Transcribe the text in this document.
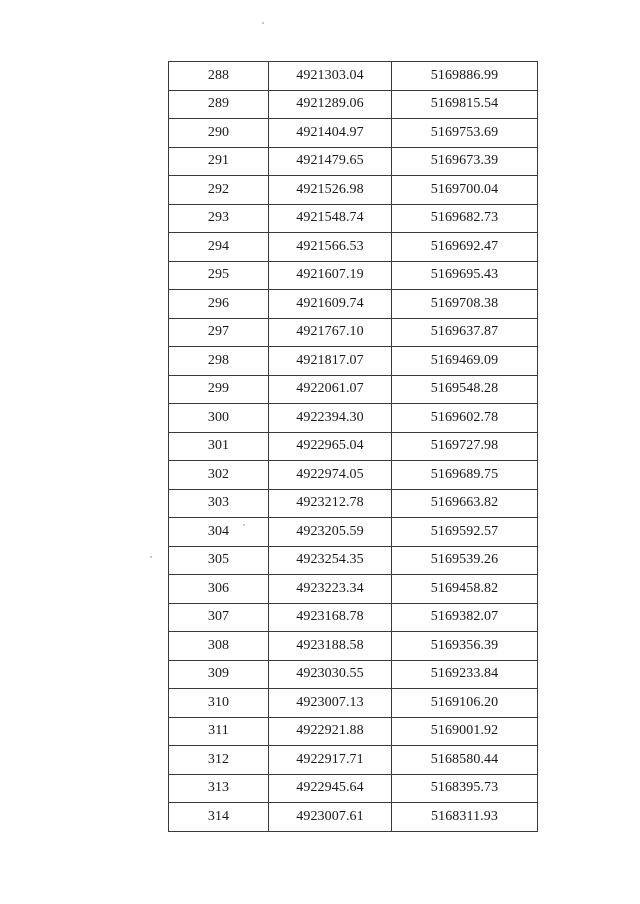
288	4921303.04	5169886.99
289	4921289.06	5169815.54
290	4921404.97	5169753.69
291	4921479.65	5169673.39
292	4921526.98	5169700.04
293	4921548.74	5169682.73
294	4921566.53	5169692.47
295	4921607.19	5169695.43
296	4921609.74	5169708.38
297	4921767.10	5169637.87
298	4921817.07	5169469.09
299	4922061.07	5169548.28
300	4922394.30	5169602.78
301	4922965.04	5169727.98
302	4922974.05	5169689.75
303	4923212.78	5169663.82
304	4923205.59	5169592.57
305	4923254.35	5169539.26
306	4923223.34	5169458.82
307	4923168.78	5169382.07
308	4923188.58	5169356.39
309	4923030.55	5169233.84
310	4923007.13	5169106.20
311	4922921.88	5169001.92
312	4922917.71	5168580.44
313	4922945.64	5168395.73
314	4923007.61	5168311.93
